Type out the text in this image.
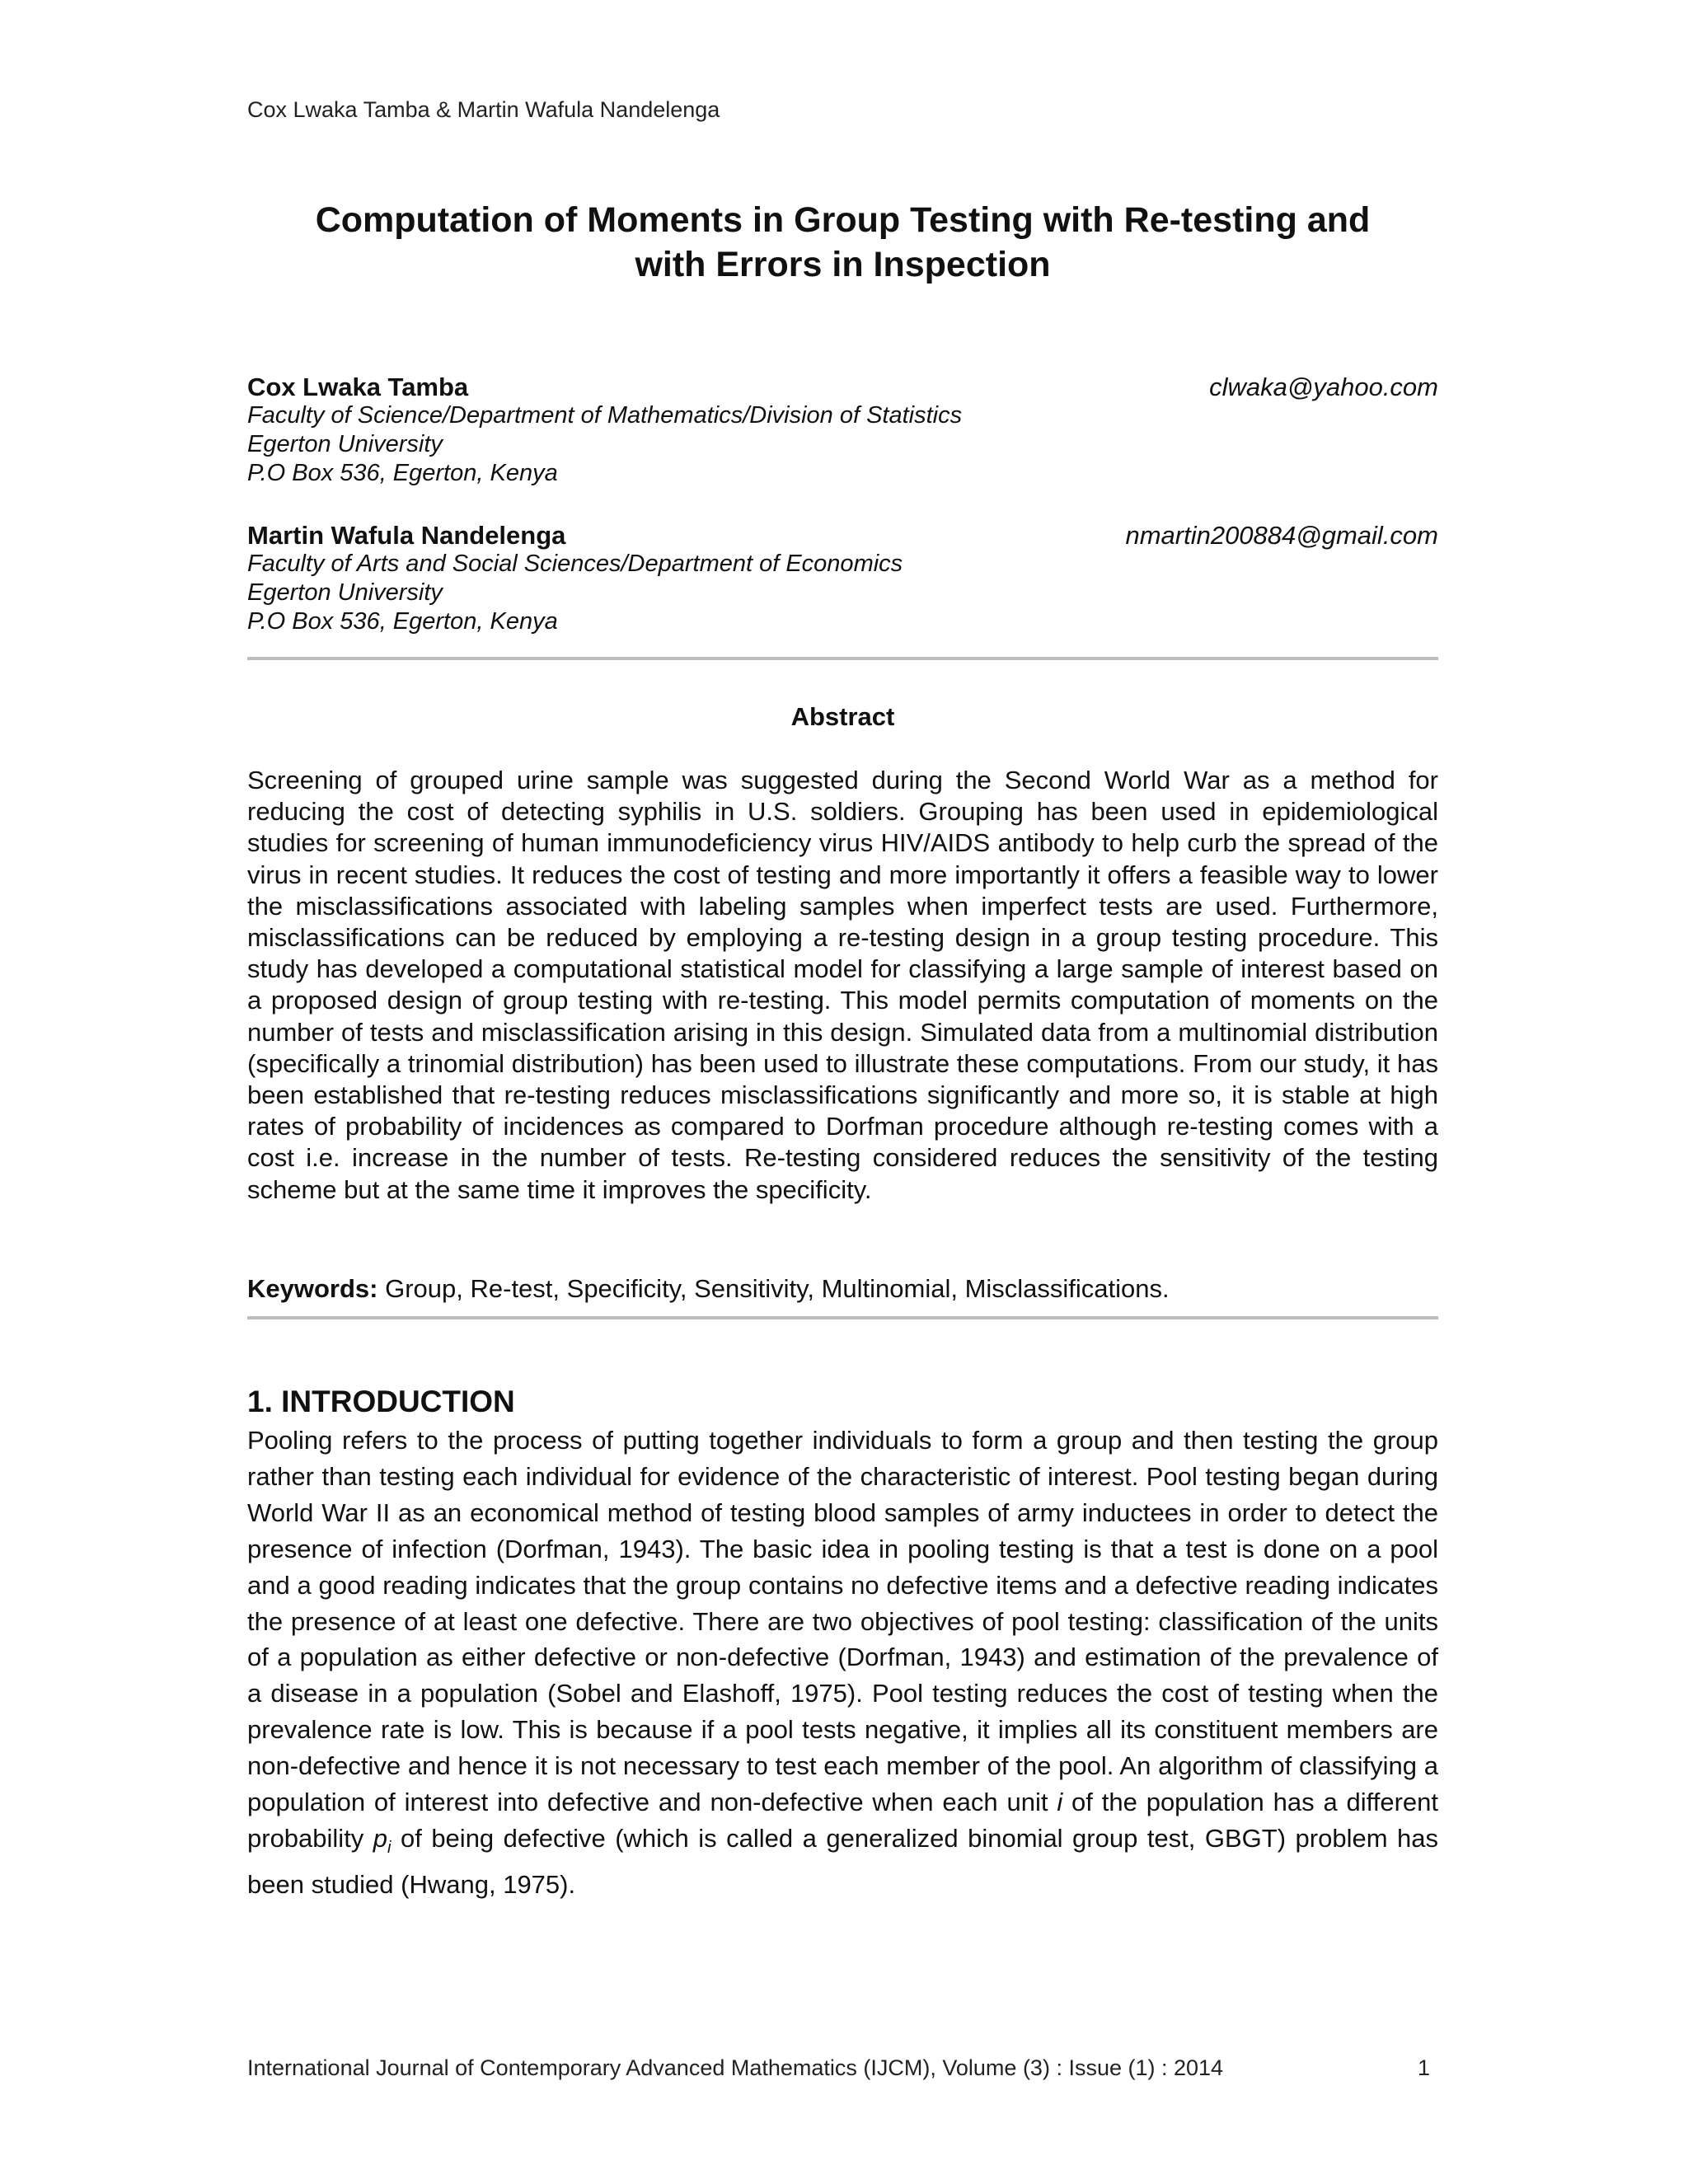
Cox Lwaka Tamba & Martin Wafula Nandelenga
Computation of Moments in Group Testing with Re-testing and
with Errors in Inspection
Cox Lwaka Tamba	clwaka@yahoo.com
Faculty of Science/Department of Mathematics/Division of Statistics
Egerton University
P.O Box 536, Egerton, Kenya
Martin Wafula Nandelenga	nmartin200884@gmail.com
Faculty of Arts and Social Sciences/Department of Economics
Egerton University
P.O Box 536, Egerton, Kenya
Abstract
Screening of grouped urine sample was suggested during the Second World War as a method for reducing the cost of detecting syphilis in U.S. soldiers. Grouping has been used in epidemiological studies for screening of human immunodeficiency virus HIV/AIDS antibody to help curb the spread of the virus in recent studies. It reduces the cost of testing and more importantly it offers a feasible way to lower the misclassifications associated with labeling samples when imperfect tests are used. Furthermore, misclassifications can be reduced by employing a re-testing design in a group testing procedure. This study has developed a computational statistical model for classifying a large sample of interest based on a proposed design of group testing with re-testing. This model permits computation of moments on the number of tests and misclassification arising in this design. Simulated data from a multinomial distribution (specifically a trinomial distribution) has been used to illustrate these computations. From our study, it has been established that re-testing reduces misclassifications significantly and more so, it is stable at high rates of probability of incidences as compared to Dorfman procedure although re-testing comes with a cost i.e. increase in the number of tests. Re-testing considered reduces the sensitivity of the testing scheme but at the same time it improves the specificity.
Keywords: Group, Re-test, Specificity, Sensitivity, Multinomial, Misclassifications.
1. INTRODUCTION
Pooling refers to the process of putting together individuals to form a group and then testing the group rather than testing each individual for evidence of the characteristic of interest. Pool testing began during World War II as an economical method of testing blood samples of army inductees in order to detect the presence of infection (Dorfman, 1943). The basic idea in pooling testing is that a test is done on a pool and a good reading indicates that the group contains no defective items and a defective reading indicates the presence of at least one defective. There are two objectives of pool testing: classification of the units of a population as either defective or non-defective (Dorfman, 1943) and estimation of the prevalence of a disease in a population (Sobel and Elashoff, 1975). Pool testing reduces the cost of testing when the prevalence rate is low. This is because if a pool tests negative, it implies all its constituent members are non-defective and hence it is not necessary to test each member of the pool. An algorithm of classifying a population of interest into defective and non-defective when each unit i of the population has a different probability $p_i$ of being defective (which is called a generalized binomial group test, GBGT) problem has been studied (Hwang, 1975).
International Journal of Contemporary Advanced Mathematics (IJCM), Volume (3) : Issue (1) : 2014	1
